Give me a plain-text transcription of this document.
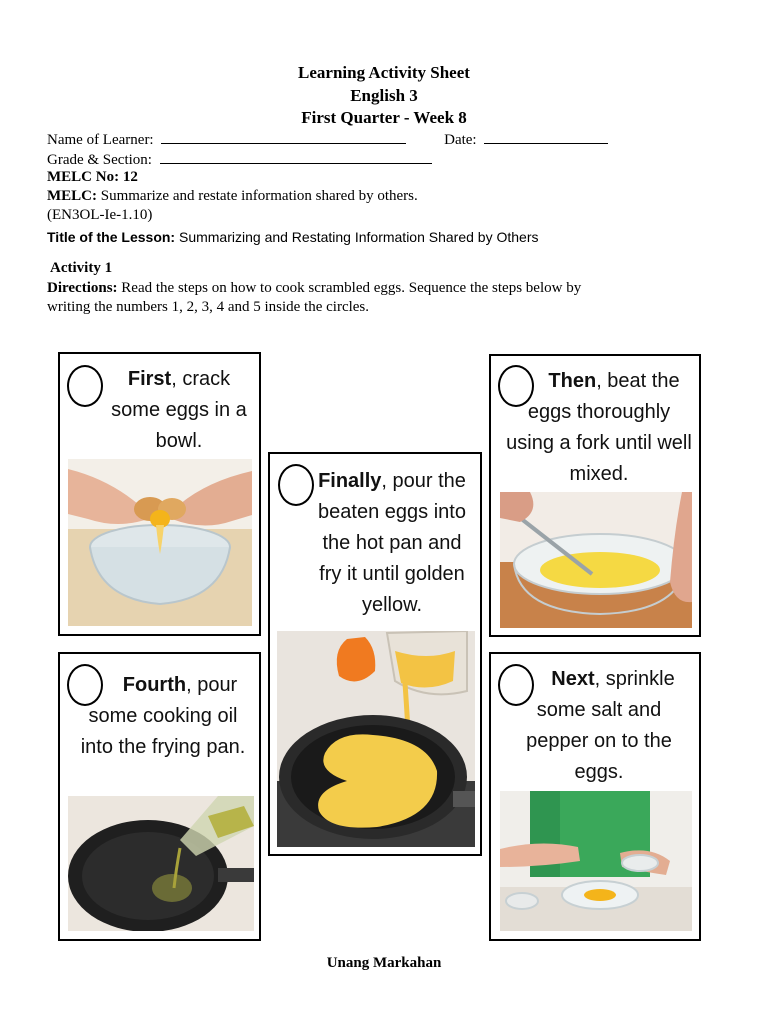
Learning Activity Sheet
English 3
First Quarter - Week 8
Name of Learner:	Date:
Grade & Section:
MELC No: 12
MELC: Summarize and restate information shared by others.
(EN3OL-Ie-1.10)
Title of the Lesson: Summarizing and Restating Information Shared by Others
Activity 1
Directions: Read the steps on how to cook scrambled eggs. Sequence the steps below by
writing the numbers 1, 2, 3, 4 and 5 inside the circles.
First, crack
some eggs in a
bowl.
Then, beat the
eggs thoroughly
using a fork until well
mixed.
Finally, pour the
beaten eggs into
the hot pan and
fry it until golden
yellow.
Fourth, pour
some cooking oil
into the frying pan.
Next, sprinkle
some salt and
pepper on to the
eggs.
Unang Markahan
